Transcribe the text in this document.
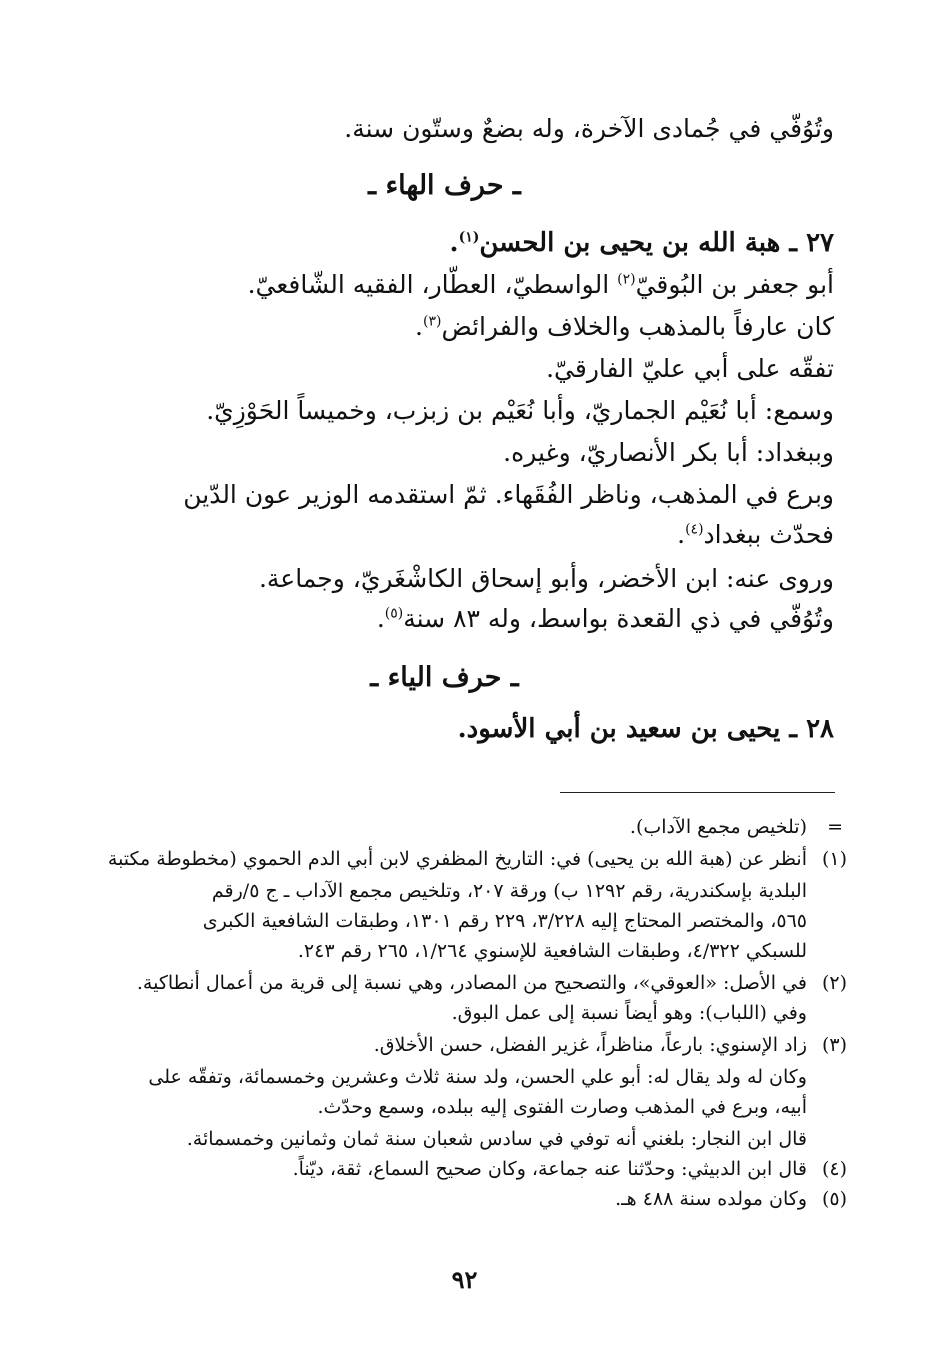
وتُوُفّي في جُمادى الآخرة، وله بضعٌ وستّون سنة.
ـ حرف الهاء ـ
٢٧ ـ هبة الله بن يحيى بن الحسن$^{(١)}$.
أبو جعفر بن البُوقيّ$^{(٢)}$ الواسطيّ، العطّار، الفقيه الشّافعيّ.
كان عارفاً بالمذهب والخلاف والفرائض$^{(٣)}$.
تفقّه على أبي عليّ الفارقيّ.
وسمع: أبا نُعَيْم الجماريّ، وأبا نُعَيْم بن زبزب، وخميساً الحَوْزِيّ.
وببغداد: أبا بكر الأنصاريّ، وغيره.
وبرع في المذهب، وناظر الفُقَهاء. ثمّ استقدمه الوزير عون الدّين
فحدّث ببغداد$^{(٤)}$.
وروى عنه: ابن الأخضر، وأبو إسحاق الكاشْغَريّ، وجماعة.
وتُوُفّي في ذي القعدة بواسط، وله ٨٣ سنة$^{(٥)}$.
ـ حرف الياء ـ
٢٨ ـ يحيى بن سعيد بن أبي الأسود.
=
(تلخيص مجمع الآداب).
(١)
أنظر عن (هبة الله بن يحيى) في: التاريخ المظفري لابن أبي الدم الحموي (مخطوطة مكتبة
البلدية بإسكندرية، رقم ١٢٩٢ ب) ورقة ٢٠٧، وتلخيص مجمع الآداب ـ ج ٥/رقم
٥٦٥، والمختصر المحتاج إليه ٣/٢٢٨، ٢٢٩ رقم ١٣٠١، وطبقات الشافعية الكبرى
للسبكي ٤/٣٢٢، وطبقات الشافعية للإسنوي ١/٢٦٤، ٢٦٥ رقم ٢٤٣.
(٢)
في الأصل: «العوقي»، والتصحيح من المصادر، وهي نسبة إلى قرية من أعمال أنطاكية.
وفي (اللباب): وهو أيضاً نسبة إلى عمل البوق.
(٣)
زاد الإسنوي: بارعاً، مناظراً، غزير الفضل، حسن الأخلاق.
وكان له ولد يقال له: أبو علي الحسن، ولد سنة ثلاث وعشرين وخمسمائة، وتفقّه على
أبيه، وبرع في المذهب وصارت الفتوى إليه ببلده، وسمع وحدّث.
قال ابن النجار: بلغني أنه توفي في سادس شعبان سنة ثمان وثمانين وخمسمائة.
(٤)
قال ابن الدبيثي: وحدّثنا عنه جماعة، وكان صحيح السماع، ثقة، ديّناً.
(٥)
وكان مولده سنة ٤٨٨ هـ.
٩٢
